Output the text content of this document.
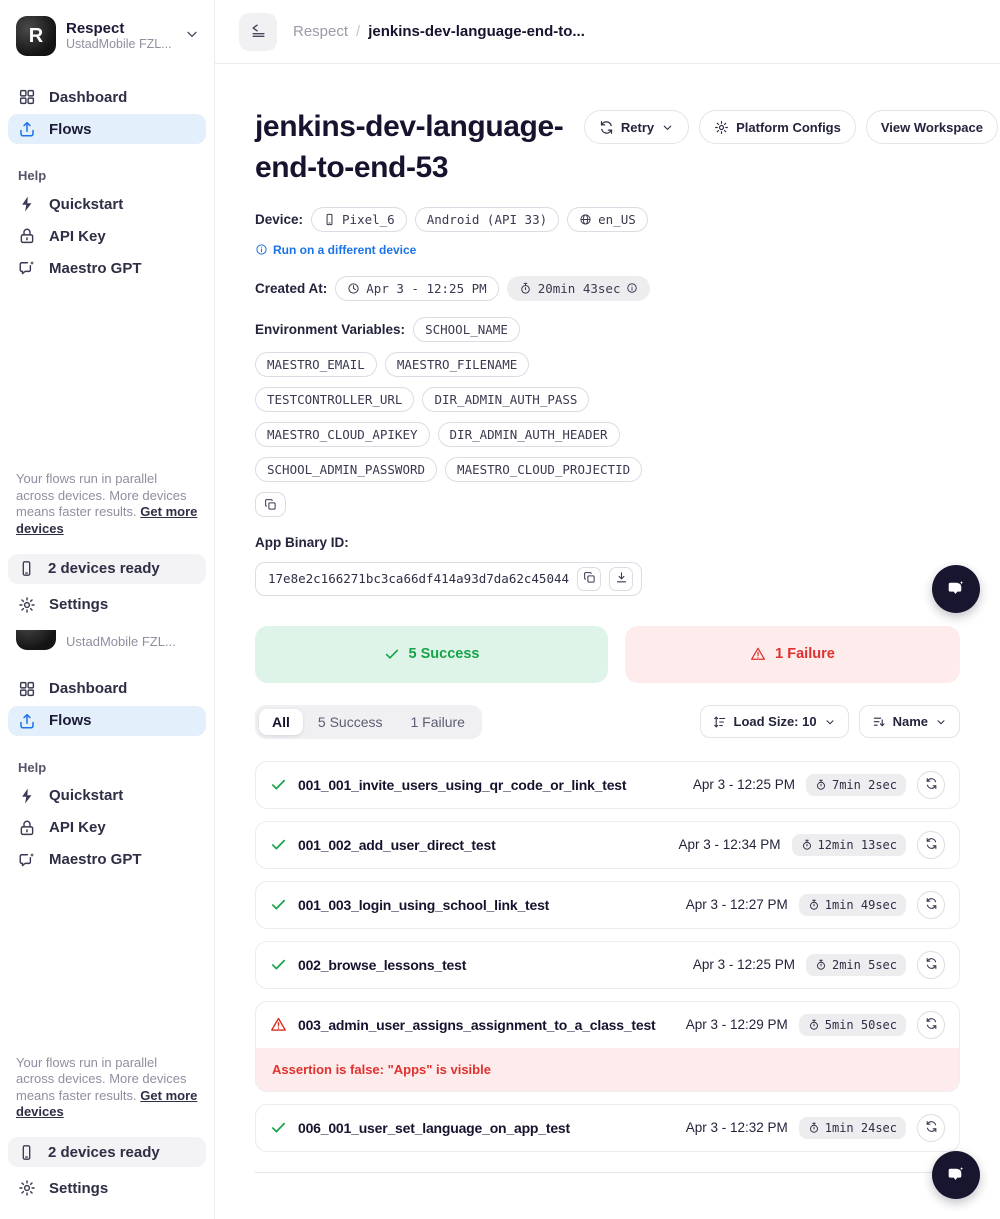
R	Respect
UstadMobile FZL...
Dashboard
Flows
Help
Quickstart
API Key
Maestro GPT

Your flows run in parallel across devices. More devices means faster results. Get more devices

2 devices ready
Settings
UstadMobile FZL...
Dashboard
Flows
Help
Quickstart
API Key
Maestro GPT

Your flows run in parallel across devices. More devices means faster results. Get more devices

2 devices ready
Settings
Respect / jenkins-dev-language-end-to...
jenkins-dev-language-end-to-end-53
Retry	Platform Configs	View Workspace
Device:	Pixel_6	Android (API 33)	en_US
Run on a different device
Created At:	Apr 3 - 12:25 PM	20min 43sec
Environment Variables: SCHOOL_NAME
MAESTRO_EMAIL	MAESTRO_FILENAME
TESTCONTROLLER_URL	DIR_ADMIN_AUTH_PASS
MAESTRO_CLOUD_APIKEY	DIR_ADMIN_AUTH_HEADER
SCHOOL_ADMIN_PASSWORD	MAESTRO_CLOUD_PROJECTID
App Binary ID:
17e8e2c166271bc3ca66df414a93d7da62c45044
5 Success	1 Failure
All	5 Success	1 Failure	Load Size: 10	Name
001_001_invite_users_using_qr_code_or_link_test	Apr 3 - 12:25 PM	7min 2sec
001_002_add_user_direct_test	Apr 3 - 12:34 PM	12min 13sec
001_003_login_using_school_link_test	Apr 3 - 12:27 PM	1min 49sec
002_browse_lessons_test	Apr 3 - 12:25 PM	2min 5sec
003_admin_user_assigns_assignment_to_a_class_test	Apr 3 - 12:29 PM	5min 50sec
Assertion is false: "Apps" is visible
006_001_user_set_language_on_app_test	Apr 3 - 12:32 PM	1min 24sec
